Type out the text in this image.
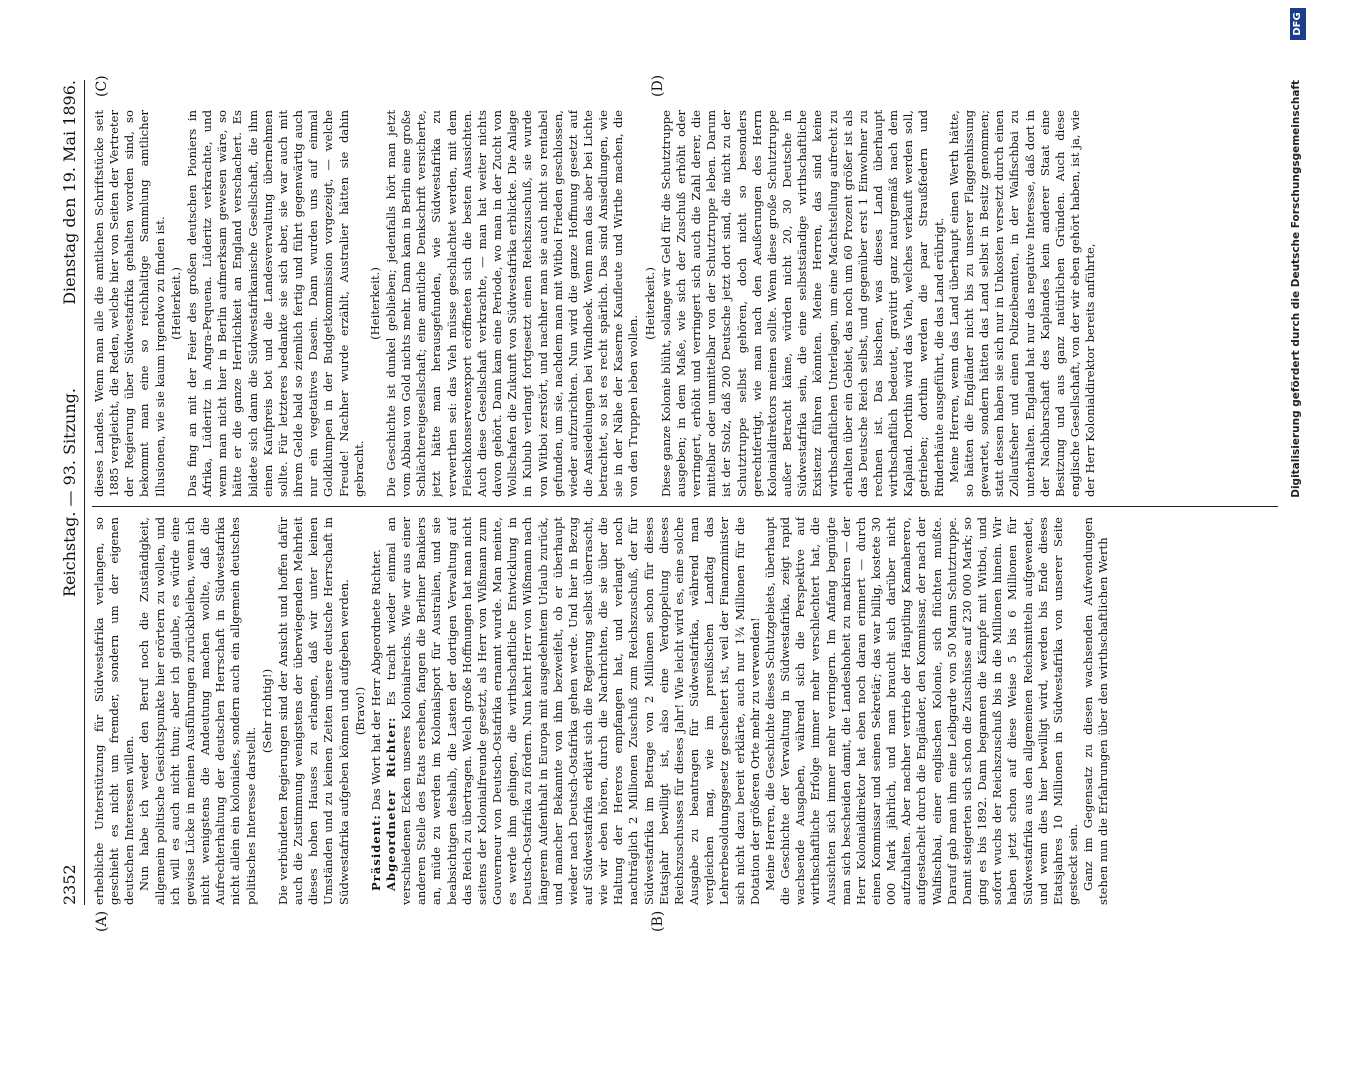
2352
Reichstag. — 93. Sitzung.
Dienstag den 19. Mai 1896.
(A)	(B)
(C)	(D)

erhebliche Unterstützung für Südwestafrika verlangen, so geschieht es nicht um fremder, sondern um der eigenen deutschen Interessen willen. Nun habe ich weder den Beruf noch die Zuständigkeit, allgemein politische Gesichtspunkte hier erörtern zu wollen, und ich will es auch nicht thun; aber ich glaube, es würde eine gewisse Lücke in meinen Ausführungen zurückbleiben, wenn ich nicht wenigstens die Andeutung machen wollte, daß die Aufrechterhaltung der deutschen Herrschaft in Südwestafrika nicht allein ein koloniales, sondern auch ein allgemein deutsches politisches Interesse darstellt.

(Sehr richtig!) Die verbündeten Regierungen sind der Ansicht und hoffen dafür auch die Zustimmung wenigstens der überwiegenden Mehrheit dieses hohen Hauses zu erlangen, daß wir unter keinen Umständen und zu keinen Zeiten unsere deutsche Herrschaft in Südwestafrika aufgeben können und aufgeben werden. (Bravo!)

Präsident: Das Wort hat der Herr Abgeordnete Richter. Abgeordneter Richter: Es tracht wieder einmal an verschiedenen Ecken unseres Kolonialreichs. Wie wir aus einer anderen Stelle des Etats ersehen, fangen die Berliner Bankiers an, müde zu werden im Kolonialsport für Australien, und sie beabsichtigen deshalb, die Lasten der dortigen Verwaltung auf das Reich zu übertragen. Welch große Hoffnungen hat man nicht seitens der Kolonialfreunde gesetzt, als Herr von Wißmann zum Gouverneur von Deutsch-Ostafrika ernannt wurde. Man meinte, es werde ihm gelingen, die wirthschaftliche Entwicklung in Deutsch-Ostafrika zu fördern. Nun kehrt Herr von Wißmann nach längerem Aufenthalt in Europa mit ausgedehntem Urlaub zurück, und mancher Bekannte von ihm bezweifelt, ob er überhaupt wieder nach Deutsch-Ostafrika gehen werde. Und hier in Bezug auf Südwestafrika erklärt sich die Regierung selbst überrascht, wie wir eben hören, durch die Nachrichten, die sie über die Haltung der Hereros empfangen hat, und verlangt noch nachträglich 2 Millionen Zuschuß zum Reichszuschuß, der für Südwestafrika im Betrage von 2 Millionen schon für dieses Etatsjahr bewilligt ist, also eine Verdoppelung dieses Reichszuschusses für dieses Jahr! Wie leicht wird es, eine solche Ausgabe zu beantragen für Südwestafrika, während man vergleichen mag, wie im preußischen Landtag das Lehrerbesoldungsgesetz gescheitert ist, weil der Finanzminister sich nicht dazu bereit erklärte, auch nur 1¾ Millionen für die Dotation der größeren Orte mehr zu verwenden! Meine Herren, die Geschichte dieses Schutzgebiets, überhaupt die Geschichte der Verwaltung in Südwestafrika, zeigt rapid wachsende Ausgaben, während sich die Perspektive auf wirthschaftliche Erfolge immer mehr verschlechtert hat, die Aussichten sich immer mehr verringern. Im Anfang begnügte man sich bescheiden damit, die Landeshoheit zu markiren — der Herr Kolonialdirektor hat eben noch daran erinnert — durch einen Kommissar und seinen Sekretär; das war billig, kostete 30 000 Mark jährlich, und man braucht sich darüber nicht aufzuhalten. Aber nachher vertrieb der Häuptling Kamaherero, aufgestachelt durch die Engländer, den Kommissar, der nach der Walfischbai, einer englischen Kolonie, sich flüchten mußte. Darauf gab man ihm eine Leibgarde von 50 Mann Schutztruppe. Damit steigerten sich schon die Zuschüsse auf 230 000 Mark; so ging es bis 1892. Dann begannen die Kämpfe mit Witboi, und sofort wuchs der Reichszuschuß bis in die Millionen hinein. Wir haben jetzt schon auf diese Weise 5 bis 6 Millionen für Südwestafrika aus den allgemeinen Reichsmitteln aufgewendet, und wenn dies hier bewilligt wird, werden bis Ende dieses Etatsjahres 10 Millionen in Südwestafrika von unserer Seite gesteckt sein. Ganz im Gegensatz zu diesen wachsenden Aufwendungen stehen nun die Erfahrungen über den wirthschaftlichen Werth

dieses Landes. Wenn man alle die amtlichen Schriftstücke seit 1885 vergleicht, die Reden, welche hier von Seiten der Vertreter der Regierung über Südwestafrika gehalten worden sind, so bekommt man eine so reichhaltige Sammlung amtlicher Illusionen, wie sie kaum irgendwo zu finden ist. (Heiterkeit.) Das fing an mit der Feier des großen deutschen Pioniers in Afrika, Lüderitz in Angra-Pequena. Lüderitz verkrachte, und wenn man nicht hier in Berlin aufmerksam gewesen wäre, so hätte er die ganze Herrlichkeit an England verschachert. Es bildete sich dann die Südwestafrikanische Gesellschaft, die ihm einen Kaufpreis bot und die Landesverwaltung übernehmen sollte. Für letzteres bedankte sie sich aber, sie war auch mit ihrem Gelde bald so ziemlich fertig und führt gegenwärtig auch nur ein vegetatives Dasein. Dann wurden uns auf einmal Goldklumpen in der Budgetkommission vorgezeigt, — welche Freude! Nachher wurde erzählt, Australier hätten sie dahin gebracht.

(Heiterkeit.) Die Geschichte ist dunkel geblieben; jedenfalls hört man jetzt vom Abbau von Gold nichts mehr. Dann kam in Berlin eine große Schlächtereigesellschaft; eine amtliche Denkschrift versicherte, jetzt hätte man herausgefunden, wie Südwestafrika zu verwerthen sei: das Vieh müsse geschlachtet werden, mit dem Fleischkonservenexport eröffneten sich die besten Aussichten. Auch diese Gesellschaft verkrachte, — man hat weiter nichts davon gehört. Dann kam eine Periode, wo man in der Zucht von Wollschafen die Zukunft von Südwestafrika erblickte. Die Anlage in Kubub verlangt fortgesetzt einen Reichszuschuß, sie wurde von Witboi zerstört, und nachher man sie auch nicht so rentabel gefunden, um sie, nachdem man mit Witboi Frieden geschlossen, wieder aufzurichten. Nun wird die ganze Hoffnung gesetzt auf die Ansiedelungen bei Windhoek. Wenn man das aber bei Lichte betrachtet, so ist es recht spärlich. Das sind Ansiedlungen, wie sie in der Nähe der Kaserne Kaufleute und Wirthe machen, die von den Truppen leben wollen.

(Heiterkeit.) Diese ganze Kolonie blüht, solange wir Geld für die Schutztruppe ausgeben; in dem Maße, wie sich der Zuschuß erhöht oder verringert, erhöht und verringert sich auch die Zahl derer, die mittelbar oder unmittelbar von der Schutztruppe leben. Darum ist der Stolz, daß 200 Deutsche jetzt dort sind, die nicht zu der Schutztruppe selbst gehören, doch nicht so besonders gerechtfertigt, wie man nach den Aeußerungen des Herrn Kolonialdirektors meinen sollte. Wenn diese große Schutztruppe außer Betracht käme, würden nicht 20, 30 Deutsche in Südwestafrika sein, die eine selbstständige wirthschaftliche Existenz führen könnten. Meine Herren, das sind keine wirthschaftlichen Unterlagen, um eine Machtstellung aufrecht zu erhalten über ein Gebiet, das noch um 60 Prozent größer ist als das Deutsche Reich selbst, und gegenüber erst 1 Einwohner zu rechnen ist. Das bischen, was dieses Land überhaupt wirthschaftlich bedeutet, gravitirt ganz naturgemäß nach dem Kapland. Dorthin wird das Vieh, welches verkauft werden soll, getrieben; dorthin werden die paar Straußfedern und Rinderhäute ausgeführt, die das Land erübrigt. Meine Herren, wenn das Land überhaupt einen Werth hätte, so hätten die Engländer nicht bis zu unserer Flaggenhissung gewartet, sondern hätten das Land selbst in Besitz genommen; statt dessen haben sie sich nur in Unkosten versetzt durch einen Zollaufseher und einen Polizeibeamten, in der Walfischbai zu unterhalten. England hat nur das negative Interesse, daß dort in der Nachbarschaft des Kaplandes kein anderer Staat eine Besitzung und aus ganz natürlichen Gründen. Auch diese englische Gesellschaft, von der wir eben gehört haben, ist ja, wie der Herr Kolonialdirektor bereits anführte,	Digitalisierung gefördert durch die Deutsche Forschungsgemeinschaft
DFG
